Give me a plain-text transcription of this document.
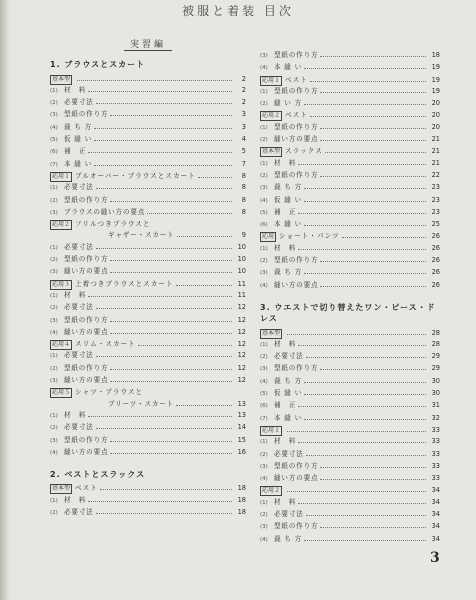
被服と着装 目次
実習編
1. ブラウスとスカート
基本型	2
(1) 材　料	2
(2) 必要寸法	2
(3) 型紙の作り方	3
(4) 裁 ち 方	3
(5) 仮 縫 い	4
(6) 補　正	5
(7) 本 縫 い	7
応用１ プルオーバー・ブラウスとスカート	8
(1) 必要寸法	8
(2) 型紙の作り方	8
(3) ブラウスの縫い方の要点	8
応用２ フリルつきブラウスと
ギャザー・スカート	9
(1) 必要寸法	10
(2) 型紙の作り方	10
(3) 縫い方の要点	10
応用３ 上着つきブラウスとスカート	11
(1) 材　料	11
(2) 必要寸法	12
(3) 型紙の作り方	12
(4) 縫い方の要点	12
応用４ スリム・スカート	12
(1) 必要寸法	12
(2) 型紙の作り方	12
(3) 縫い方の要点	12
応用５ シャツ・ブラウスと
プリーツ・スカート	13
(1) 材　料	13
(2) 必要寸法	14
(3) 型紙の作り方	15
(4) 縫い方の要点	16
2. ベストとスラックス
基本型 ベスト	18
(1) 材　料	18
(2) 必要寸法	18
(3) 型紙の作り方	18
(4) 本 縫 い	19
応用１ ベスト	19
(1) 型紙の作り方	19
(2) 縫 い 方	20
応用２ ベスト	20
(1) 型紙の作り方	20
(2) 縫い方の要点	21
基本型 スラックス	21
(1) 材　料	21
(2) 型紙の作り方	22
(3) 裁 ち 方	23
(4) 仮 縫 い	23
(5) 補　正	23
(6) 本 縫 い	25
応用 ショート・パンツ	26
(1) 材　料	26
(2) 型紙の作り方	26
(3) 裁 ち 方	26
(4) 縫い方の要点	26
3. ウエストで切り替えたワン・ピース・ドレス
基本型	28
(1) 材　料	28
(2) 必要寸法	29
(3) 型紙の作り方	29
(4) 裁 ち 方	30
(5) 仮 縫 い	30
(6) 補　正	31
(7) 本 縫 い	32
応用１	33
(1) 材　料	33
(2) 必要寸法	33
(3) 型紙の作り方	33
(4) 縫い方の要点	33
応用２	34
(1) 材　料	34
(2) 必要寸法	34
(3) 型紙の作り方	34
(4) 裁 ち 方	34
3
